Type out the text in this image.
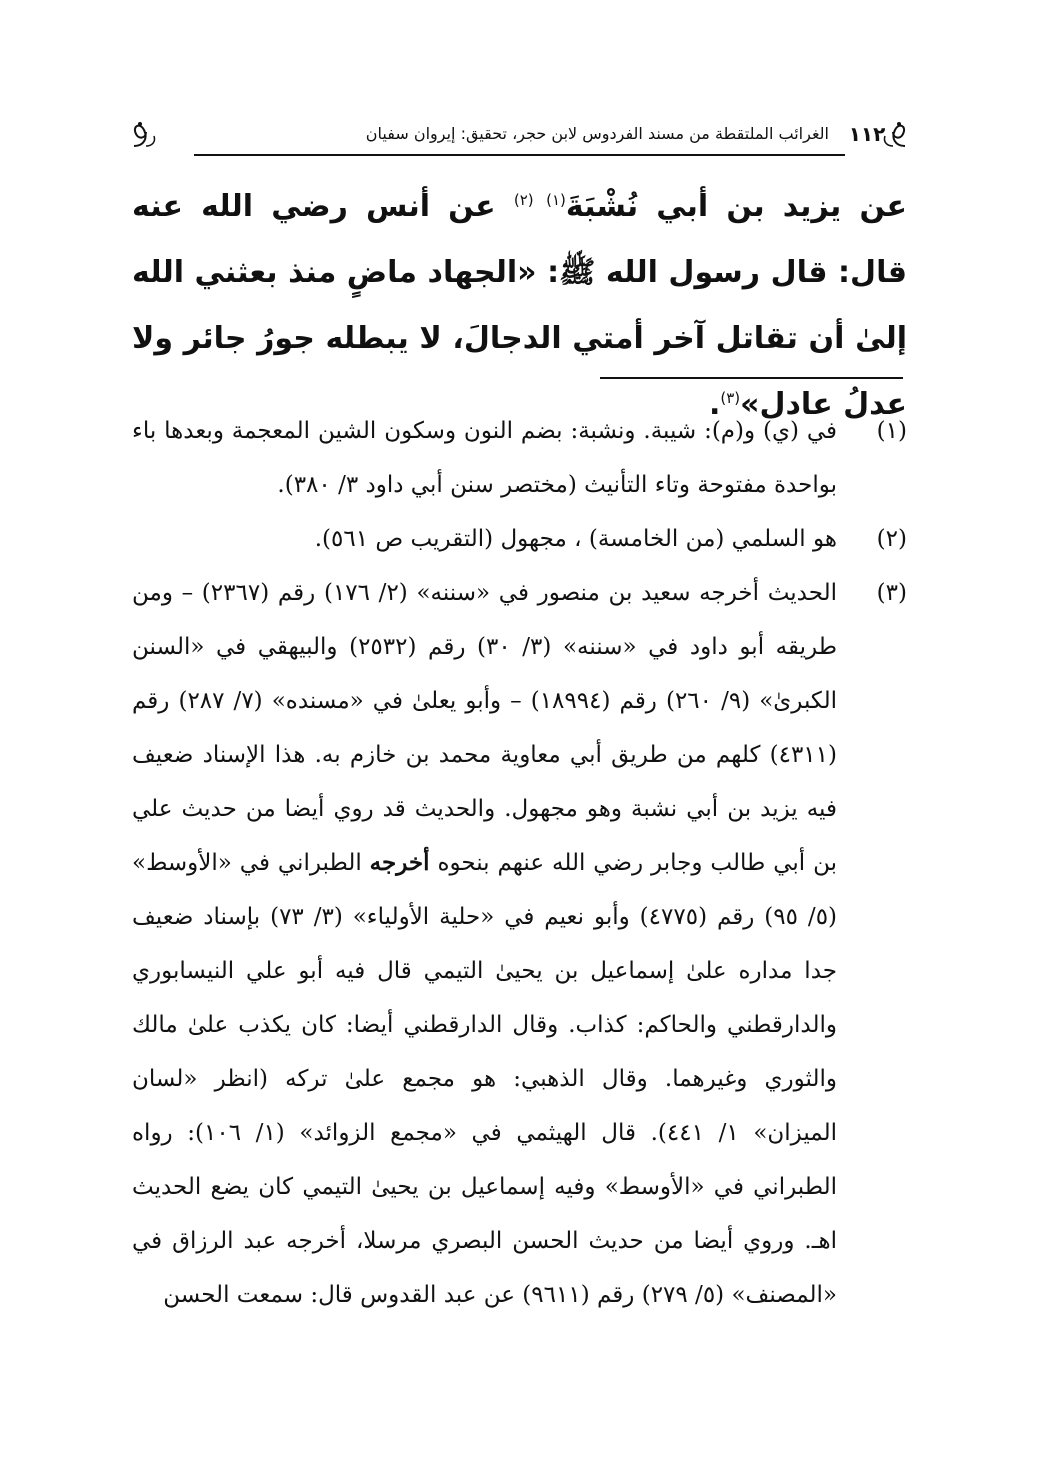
١١٢
الغرائب الملتقطة من مسند الفردوس لابن حجر، تحقيق: إيروان سفيان
عن يزيد بن أبي نُشْبَةَ$^{(١) (٢)}$ عن أنس رضي الله عنه قال: قال رسول الله ﷺ: «الجهاد ماضٍ منذ بعثني الله إلىٰ أن تقاتل آخر أمتي الدجالَ، لا يبطله جورُ جائر ولا عدلُ عادل»$^{(٣)}$.
(١)
في (ي) و(م): شيبة. ونشبة: بضم النون وسكون الشين المعجمة وبعدها باء بواحدة مفتوحة وتاء التأنيث (مختصر سنن أبي داود ٣/ ٣٨٠).
(٢)
هو السلمي (من الخامسة) ، مجهول (التقريب ص ٥٦١).
(٣)
الحديث أخرجه سعيد بن منصور في «سننه» (٢/ ١٧٦) رقم (٢٣٦٧) – ومن طريقه أبو داود في «سننه» (٣/ ٣٠) رقم (٢٥٣٢) والبيهقي في «السنن الكبرىٰ» (٩/ ٢٦٠) رقم (١٨٩٩٤) – وأبو يعلىٰ في «مسنده» (٧/ ٢٨٧) رقم (٤٣١١) كلهم من طريق أبي معاوية محمد بن خازم به. هذا الإسناد ضعيف فيه يزيد بن أبي نشبة وهو مجهول. والحديث قد روي أيضا من حديث علي بن أبي طالب وجابر رضي الله عنهم بنحوه أخرجه الطبراني في «الأوسط» (٥/ ٩٥) رقم (٤٧٧٥) وأبو نعيم في «حلية الأولياء» (٣/ ٧٣) بإسناد ضعيف جدا مداره علىٰ إسماعيل بن يحيىٰ التيمي قال فيه أبو علي النيسابوري والدارقطني والحاكم: كذاب. وقال الدارقطني أيضا: كان يكذب علىٰ مالك والثوري وغيرهما. وقال الذهبي: هو مجمع علىٰ تركه (انظر «لسان الميزان» ١/ ٤٤١). قال الهيثمي في «مجمع الزوائد» (١/ ١٠٦): رواه الطبراني في «الأوسط» وفيه إسماعيل بن يحيىٰ التيمي كان يضع الحديث اهـ. وروي أيضا من حديث الحسن البصري مرسلا، أخرجه عبد الرزاق في «المصنف» (٥/ ٢٧٩) رقم (٩٦١١) عن عبد القدوس قال: سمعت الحسن
